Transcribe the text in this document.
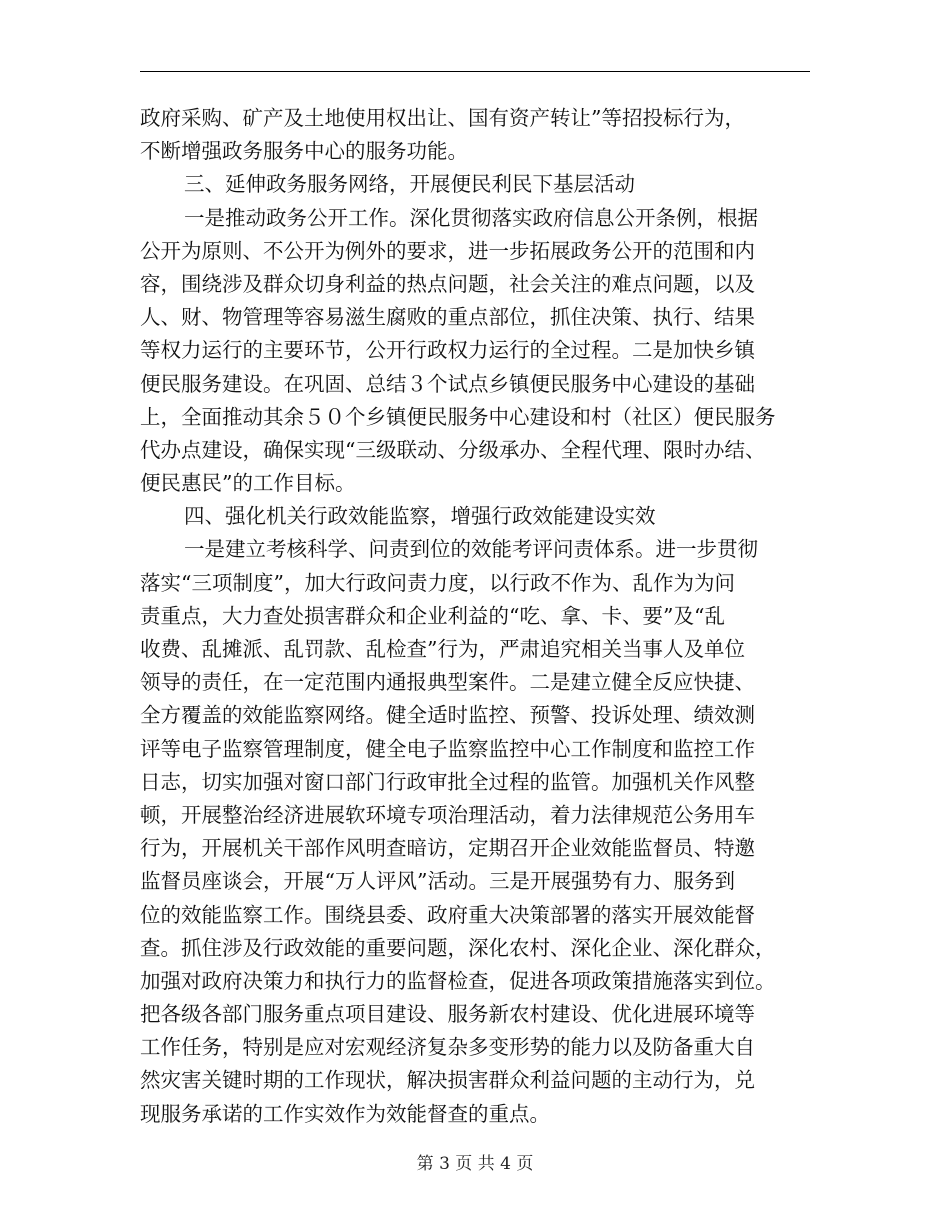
政府采购、矿产及土地使用权出让、国有资产转让”等招投标行为，
不断增强政务服务中心的服务功能。
三、延伸政务服务网络，开展便民利民下基层活动
一是推动政务公开工作。深化贯彻落实政府信息公开条例，根据
公开为原则、不公开为例外的要求，进一步拓展政务公开的范围和内
容，围绕涉及群众切身利益的热点问题，社会关注的难点问题，以及
人、财、物管理等容易滋生腐败的重点部位，抓住决策、执行、结果
等权力运行的主要环节，公开行政权力运行的全过程。二是加快乡镇
便民服务建设。在巩固、总结３个试点乡镇便民服务中心建设的基础
上，全面推动其余５０个乡镇便民服务中心建设和村（社区）便民服务
代办点建设，确保实现“三级联动、分级承办、全程代理、限时办结、
便民惠民”的工作目标。
四、强化机关行政效能监察，增强行政效能建设实效
一是建立考核科学、问责到位的效能考评问责体系。进一步贯彻
落实“三项制度”，加大行政问责力度，以行政不作为、乱作为为问
责重点，大力查处损害群众和企业利益的“吃、拿、卡、要”及“乱
收费、乱摊派、乱罚款、乱检查”行为，严肃追究相关当事人及单位
领导的责任，在一定范围内通报典型案件。二是建立健全反应快捷、
全方覆盖的效能监察网络。健全适时监控、预警、投诉处理、绩效测
评等电子监察管理制度，健全电子监察监控中心工作制度和监控工作
日志，切实加强对窗口部门行政审批全过程的监管。加强机关作风整
顿，开展整治经济进展软环境专项治理活动，着力法律规范公务用车
行为，开展机关干部作风明查暗访，定期召开企业效能监督员、特邀
监督员座谈会，开展“万人评风”活动。三是开展强势有力、服务到
位的效能监察工作。围绕县委、政府重大决策部署的落实开展效能督
查。抓住涉及行政效能的重要问题，深化农村、深化企业、深化群众，
加强对政府决策力和执行力的监督检查，促进各项政策措施落实到位。
把各级各部门服务重点项目建设、服务新农村建设、优化进展环境等
工作任务，特别是应对宏观经济复杂多变形势的能力以及防备重大自
然灾害关键时期的工作现状，解决损害群众利益问题的主动行为，兑
现服务承诺的工作实效作为效能督查的重点。
第 3 页 共 4 页
